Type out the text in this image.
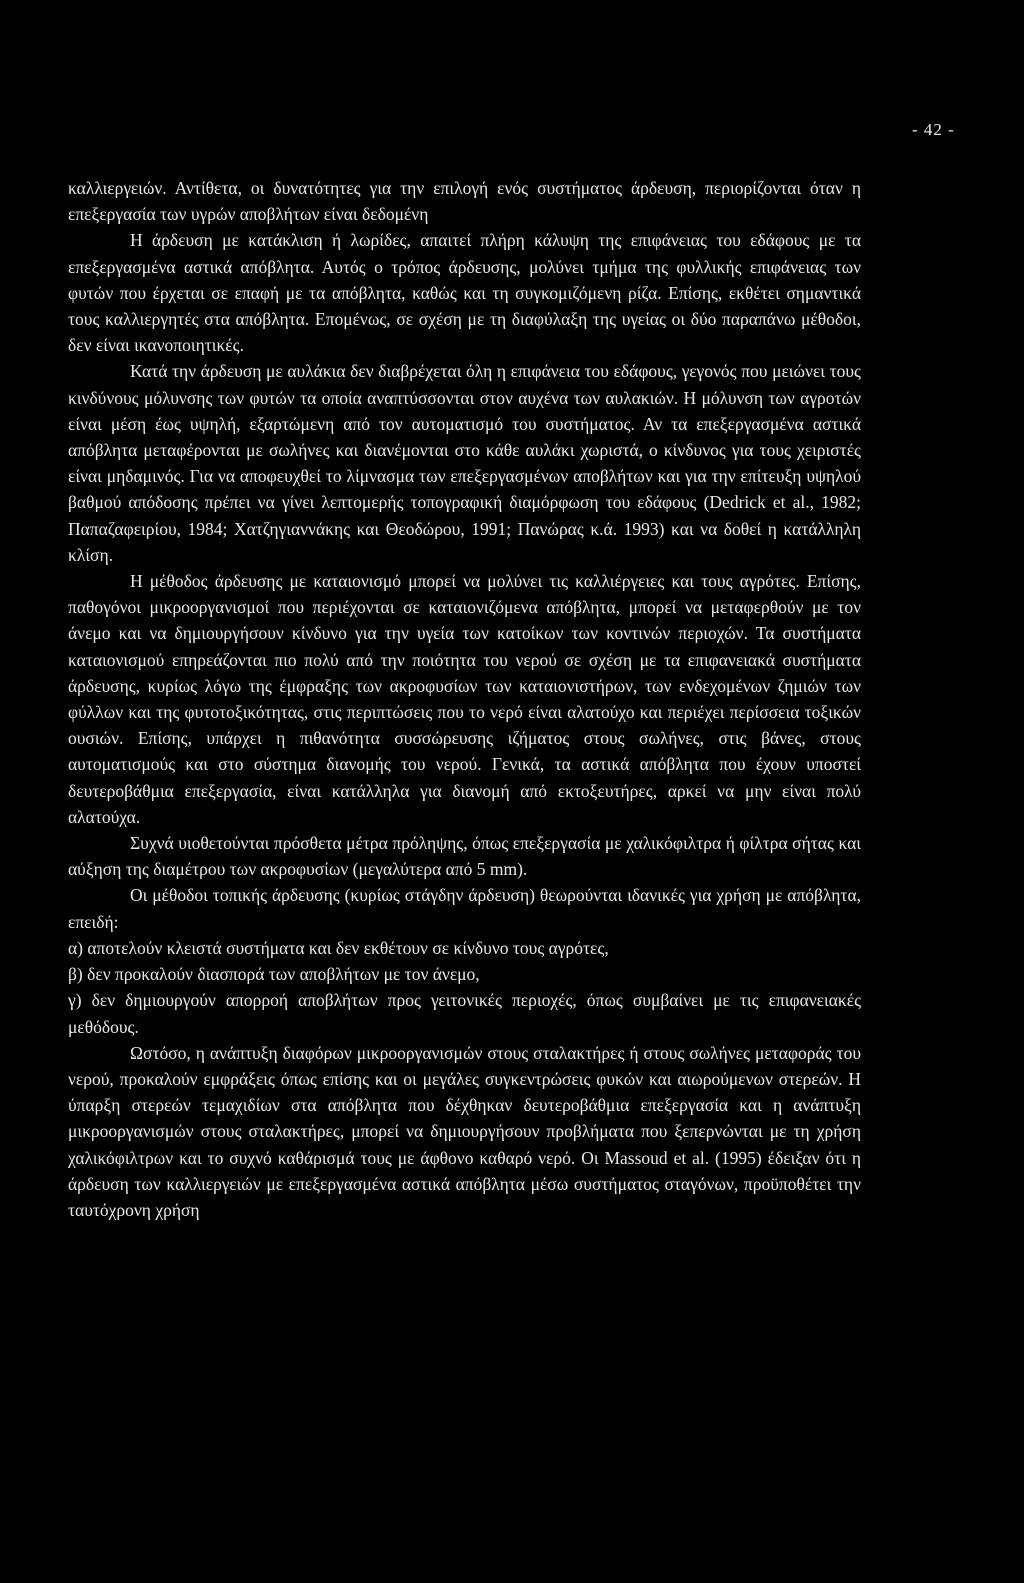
- 42 -

καλλιεργειών. Αντίθετα, οι δυνατότητες για την επιλογή ενός συστήματος άρδευση, περιορίζονται όταν η επεξεργασία των υγρών αποβλήτων είναι δεδομένη

Η άρδευση με κατάκλιση ή λωρίδες, απαιτεί πλήρη κάλυψη της επιφάνειας του εδάφους με τα επεξεργασμένα αστικά απόβλητα. Αυτός ο τρόπος άρδευσης, μολύνει τμήμα της φυλλικής επιφάνειας των φυτών που έρχεται σε επαφή με τα απόβλητα, καθώς και τη συγκομιζόμενη ρίζα. Επίσης, εκθέτει σημαντικά τους καλλιεργητές στα απόβλητα. Επομένως, σε σχέση με τη διαφύλαξη της υγείας οι δύο παραπάνω μέθοδοι, δεν είναι ικανοποιητικές.

Κατά την άρδευση με αυλάκια δεν διαβρέχεται όλη η επιφάνεια του εδάφους, γεγονός που μειώνει τους κινδύνους μόλυνσης των φυτών τα οποία αναπτύσσονται στον αυχένα των αυλακιών. Η μόλυνση των αγροτών είναι μέση έως υψηλή, εξαρτώμενη από τον αυτοματισμό του συστήματος. Αν τα επεξεργασμένα αστικά απόβλητα μεταφέρονται με σωλήνες και διανέμονται στο κάθε αυλάκι χωριστά, ο κίνδυνος για τους χειριστές είναι μηδαμινός. Για να αποφευχθεί το λίμνασμα των επεξεργασμένων αποβλήτων και για την επίτευξη υψηλού βαθμού απόδοσης πρέπει να γίνει λεπτομερής τοπογραφική διαμόρφωση του εδάφους (Dedrick et al., 1982; Παπαζαφειρίου, 1984; Χατζηγιαννάκης και Θεοδώρου, 1991; Πανώρας κ.ά. 1993) και να δοθεί η κατάλληλη κλίση.

Η μέθοδος άρδευσης με καταιονισμό μπορεί να μολύνει τις καλλιέργειες και τους αγρότες. Επίσης, παθογόνοι μικροοργανισμοί που περιέχονται σε καταιονιζόμενα απόβλητα, μπορεί να μεταφερθούν με τον άνεμο και να δημιουργήσουν κίνδυνο για την υγεία των κατοίκων των κοντινών περιοχών. Τα συστήματα καταιονισμού επηρεάζονται πιο πολύ από την ποιότητα του νερού σε σχέση με τα επιφανειακά συστήματα άρδευσης, κυρίως λόγω της έμφραξης των ακροφυσίων των καταιονιστήρων, των ενδεχομένων ζημιών των φύλλων και της φυτοτοξικότητας, στις περιπτώσεις που το νερό είναι αλατούχο και περιέχει περίσσεια τοξικών ουσιών. Επίσης, υπάρχει η πιθανότητα συσσώρευσης ιζήματος στους σωλήνες, στις βάνες, στους αυτοματισμούς και στο σύστημα διανομής του νερού. Γενικά, τα αστικά απόβλητα που έχουν υποστεί δευτεροβάθμια επεξεργασία, είναι κατάλληλα για διανομή από εκτοξευτήρες, αρκεί να μην είναι πολύ αλατούχα.

Συχνά υιοθετούνται πρόσθετα μέτρα πρόληψης, όπως επεξεργασία με χαλικόφιλτρα ή φίλτρα σήτας και αύξηση της διαμέτρου των ακροφυσίων (μεγαλύτερα από 5 mm).

Οι μέθοδοι τοπικής άρδευσης (κυρίως στάγδην άρδευση) θεωρούνται ιδανικές για χρήση με απόβλητα, επειδή:

α) αποτελούν κλειστά συστήματα και δεν εκθέτουν σε κίνδυνο τους αγρότες,

β) δεν προκαλούν διασπορά των αποβλήτων με τον άνεμο,

γ) δεν δημιουργούν απορροή αποβλήτων προς γειτονικές περιοχές, όπως συμβαίνει με τις επιφανειακές μεθόδους.

Ωστόσο, η ανάπτυξη διαφόρων μικροοργανισμών στους σταλακτήρες ή στους σωλήνες μεταφοράς του νερού, προκαλούν εμφράξεις όπως επίσης και οι μεγάλες συγκεντρώσεις φυκών και αιωρούμενων στερεών. Η ύπαρξη στερεών τεμαχιδίων στα απόβλητα που δέχθηκαν δευτεροβάθμια επεξεργασία και η ανάπτυξη μικροοργανισμών στους σταλακτήρες, μπορεί να δημιουργήσουν προβλήματα που ξεπερνώνται με τη χρήση χαλικόφιλτρων και το συχνό καθάρισμά τους με άφθονο καθαρό νερό. Οι Massoud et al. (1995) έδειξαν ότι η άρδευση των καλλιεργειών με επεξεργασμένα αστικά απόβλητα μέσω συστήματος σταγόνων, προϋποθέτει την ταυτόχρονη χρήση
